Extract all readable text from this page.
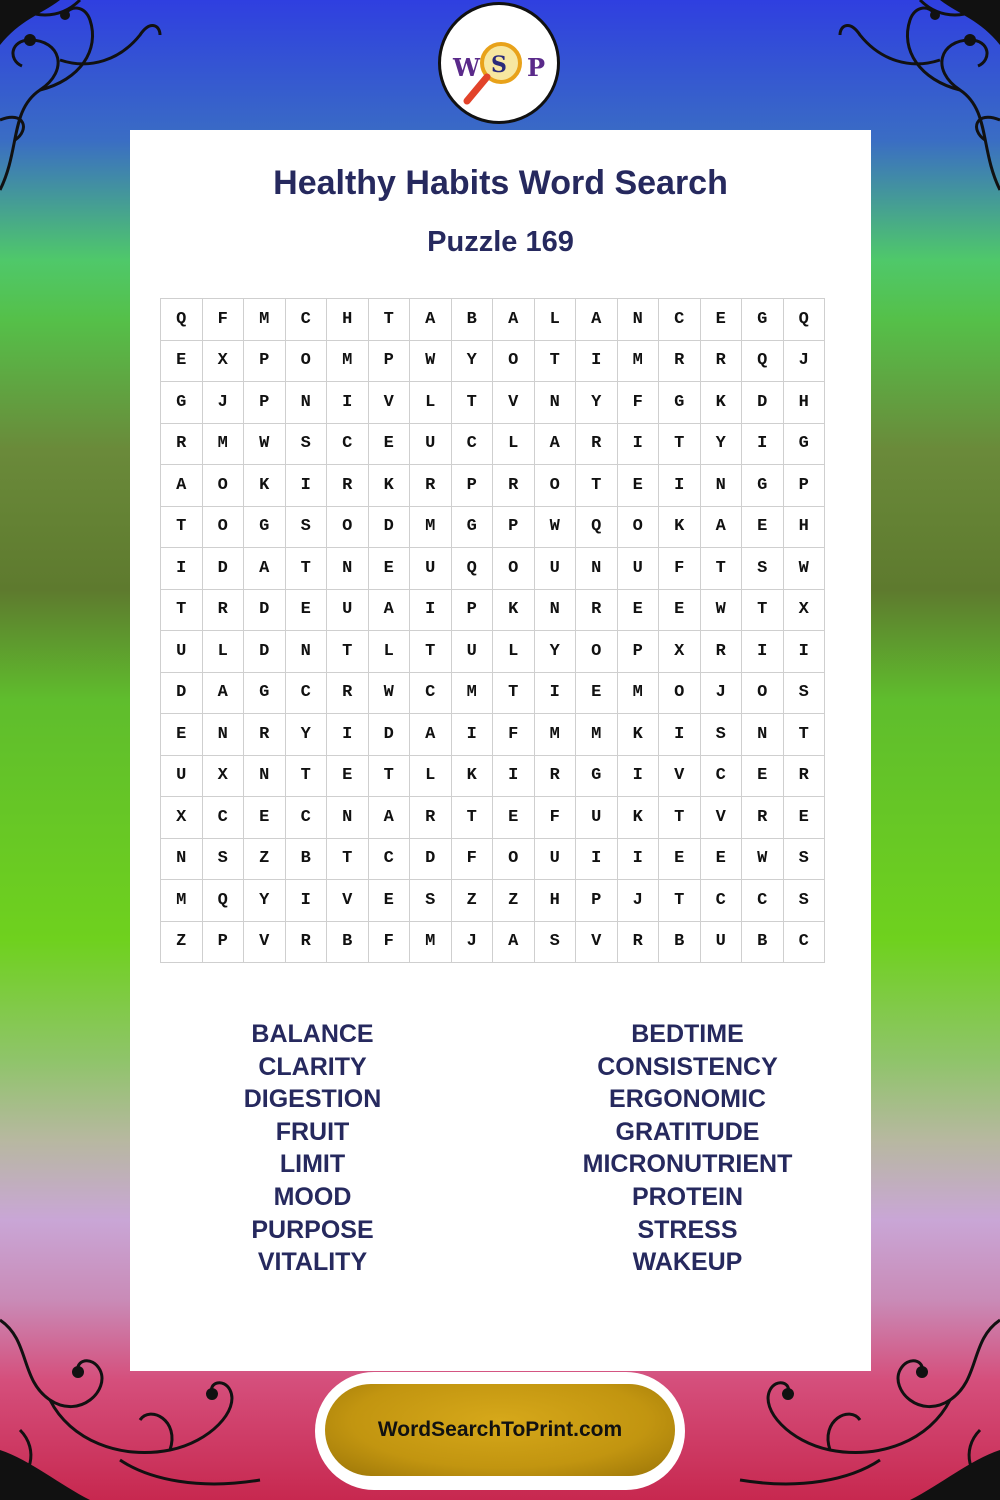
W S P
Healthy Habits Word Search
Puzzle 169
Q	F	M	C	H	T	A	B	A	L	A	N	C	E	G	Q
E	X	P	O	M	P	W	Y	O	T	I	M	R	R	Q	J
G	J	P	N	I	V	L	T	V	N	Y	F	G	K	D	H
R	M	W	S	C	E	U	C	L	A	R	I	T	Y	I	G
A	O	K	I	R	K	R	P	R	O	T	E	I	N	G	P
T	O	G	S	O	D	M	G	P	W	Q	O	K	A	E	H
I	D	A	T	N	E	U	Q	O	U	N	U	F	T	S	W
T	R	D	E	U	A	I	P	K	N	R	E	E	W	T	X
U	L	D	N	T	L	T	U	L	Y	O	P	X	R	I	I
D	A	G	C	R	W	C	M	T	I	E	M	O	J	O	S
E	N	R	Y	I	D	A	I	F	M	M	K	I	S	N	T
U	X	N	T	E	T	L	K	I	R	G	I	V	C	E	R
X	C	E	C	N	A	R	T	E	F	U	K	T	V	R	E
N	S	Z	B	T	C	D	F	O	U	I	I	E	E	W	S
M	Q	Y	I	V	E	S	Z	Z	H	P	J	T	C	C	S
Z	P	V	R	B	F	M	J	A	S	V	R	B	U	B	C
BALANCE
CLARITY
DIGESTION
FRUIT
LIMIT
MOOD
PURPOSE
VITALITY
BEDTIME
CONSISTENCY
ERGONOMIC
GRATITUDE
MICRONUTRIENT
PROTEIN
STRESS
WAKEUP
WordSearchToPrint.com
